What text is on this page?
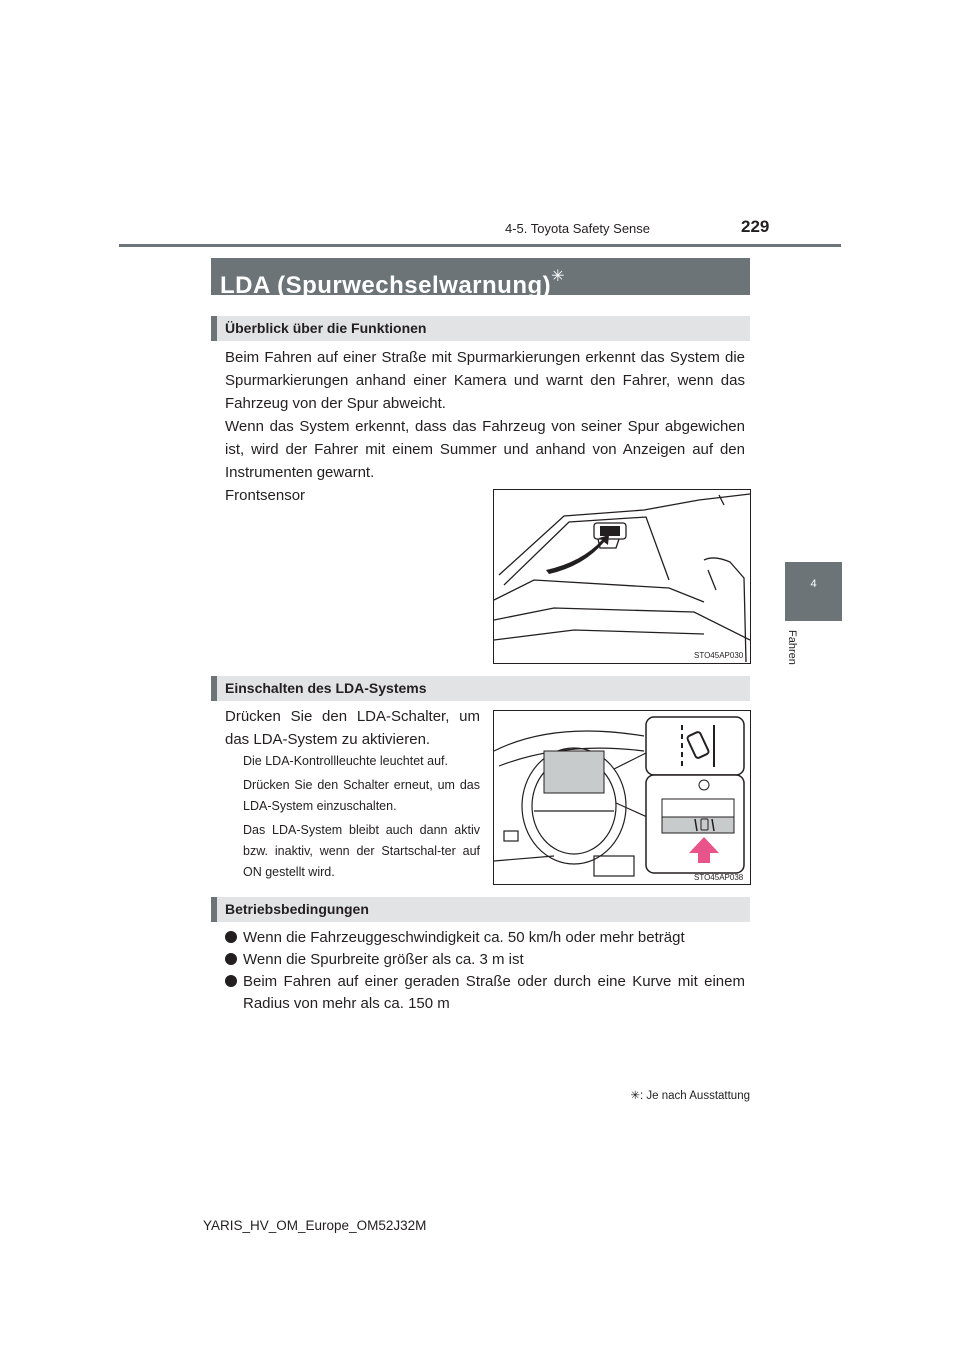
4-5. Toyota Safety Sense	229
4
Fahren
LDA (Spurwechselwarnung)✳
Überblick über die Funktionen
Beim Fahren auf einer Straße mit Spurmarkierungen erkennt das System die Spurmarkierungen anhand einer Kamera und warnt den Fahrer, wenn das Fahrzeug von der Spur abweicht.
Wenn das System erkennt, dass das Fahrzeug von seiner Spur abgewichen ist, wird der Fahrer mit einem Summer und anhand von Anzeigen auf den Instrumenten gewarnt.
Frontsensor
STO45AP030
Einschalten des LDA-Systems
Drücken Sie den LDA-Schalter, um das LDA-System zu aktivieren.
Die LDA-Kontrollleuchte leuchtet auf.
Drücken Sie den Schalter erneut, um das LDA-System einzuschalten.
Das LDA-System bleibt auch dann aktiv bzw. inaktiv, wenn der Startschal-ter auf ON gestellt wird.	STO45AP038
Betriebsbedingungen
Wenn die Fahrzeuggeschwindigkeit ca. 50 km/h oder mehr beträgt
Wenn die Spurbreite größer als ca. 3 m ist
Beim Fahren auf einer geraden Straße oder durch eine Kurve mit einem Radius von mehr als ca. 150 m
✳: Je nach Ausstattung
YARIS_HV_OM_Europe_OM52J32M
